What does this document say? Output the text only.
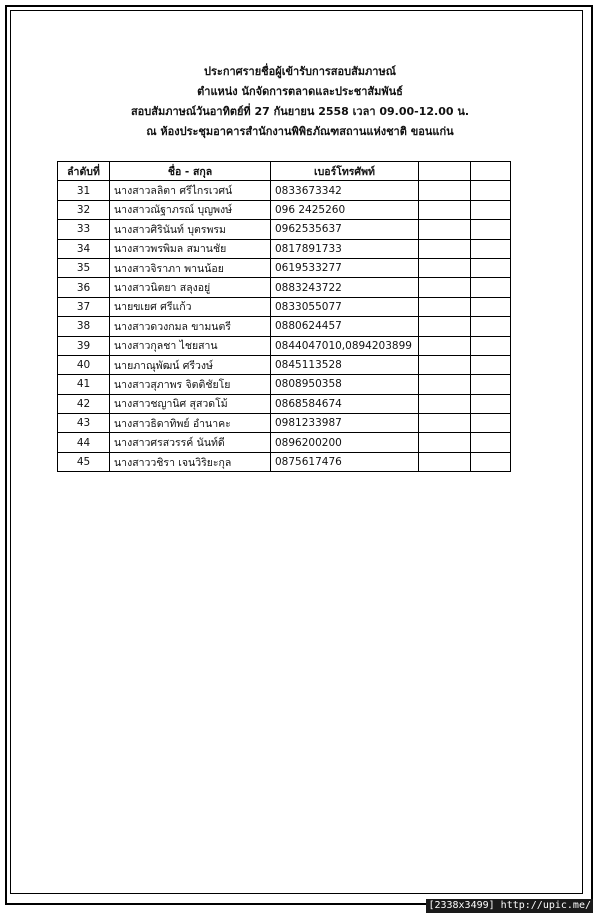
ประกาศรายชื่อผู้เข้ารับการสอบสัมภาษณ์
ตำแหน่ง นักจัดการตลาดและประชาสัมพันธ์
สอบสัมภาษณ์วันอาทิตย์ที่ 27 กันยายน 2558 เวลา 09.00-12.00 น.
ณ ห้องประชุมอาคารสำนักงานพิพิธภัณฑสถานแห่งชาติ ขอนแก่น
ลำดับที่	ชื่อ - สกุล	เบอร์โทรศัพท์		
31	นางสาวลลิตา ศรีไกรเวศน์	0833673342		
32	นางสาวณัฐาภรณ์ บุญพงษ์	096 2425260		
33	นางสาวศิรินันท์ บุตรพรม	0962535637		
34	นางสาวพรพิมล สมานชัย	0817891733		
35	นางสาวจิราภา พานน้อย	0619533277		
36	นางสาวนิตยา สลุงอยู่	0883243722		
37	นายขเยศ ศรีแก้ว	0833055077		
38	นางสาวดวงกมล ขามนตรี	0880624457		
39	นางสาวกุลชา ไชยสาน	0844047010,0894203899		
40	นายภาณุพัฒน์ ศรีวงษ์	0845113528		
41	นางสาวสุภาพร จิตติชัยโย	0808950358		
42	นางสาวชญานิศ สุสวดโม้	0868584674		
43	นางสาวธิดาทิพย์ อำนาคะ	0981233987		
44	นางสาวศรสวรรค์ นันท์ดี	0896200200		
45	นางสาววชิรา เจนวิริยะกุล	0875617476		
[2338x3499] http://upic.me/
